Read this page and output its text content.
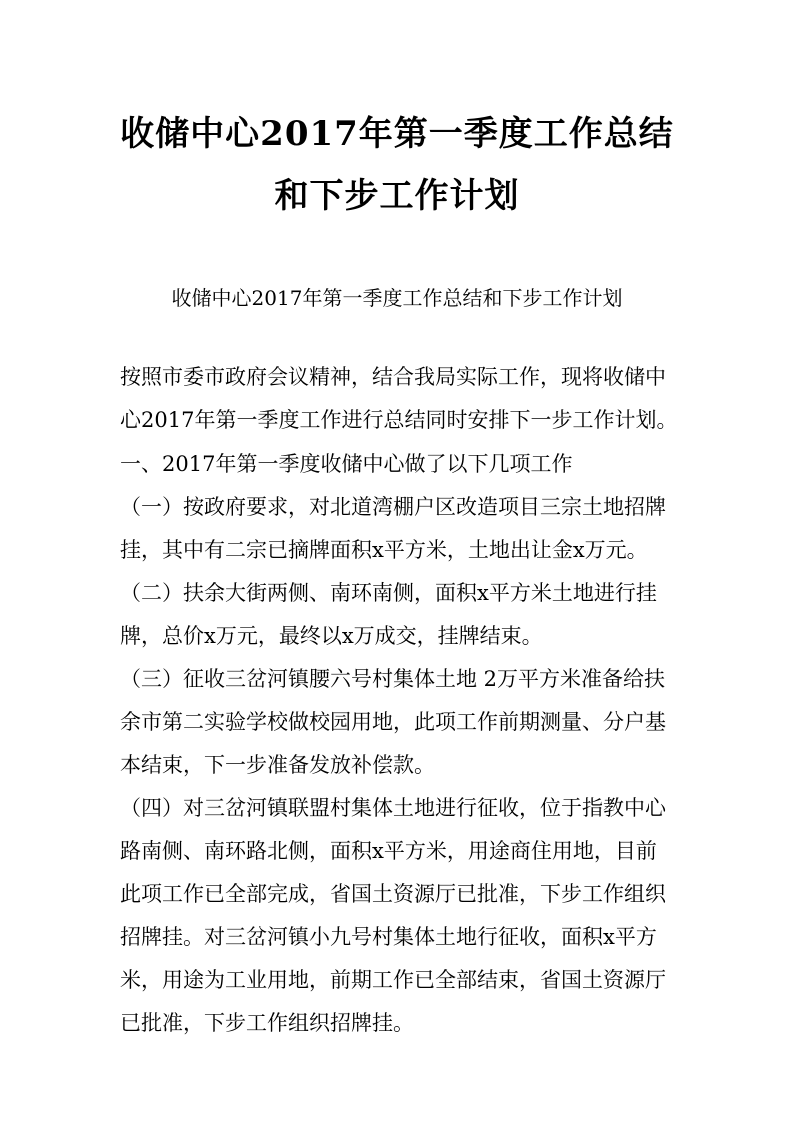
收储中心2017年第一季度工作总结
和下步工作计划
收储中心2017年第一季度工作总结和下步工作计划
按照市委市政府会议精神，结合我局实际工作，现将收储中
心2017年第一季度工作进行总结同时安排下一步工作计划。
一、2017年第一季度收储中心做了以下几项工作
（一）按政府要求，对北道湾棚户区改造项目三宗土地招牌
挂，其中有二宗已摘牌面积x平方米，土地出让金x万元。
（二）扶余大街两侧、南环南侧，面积x平方米土地进行挂
牌，总价x万元，最终以x万成交，挂牌结束。
（三）征收三岔河镇腰六号村集体土地 2万平方米准备给扶
余市第二实验学校做校园用地，此项工作前期测量、分户基
本结束，下一步准备发放补偿款。
（四）对三岔河镇联盟村集体土地进行征收，位于指教中心
路南侧、南环路北侧，面积x平方米，用途商住用地，目前
此项工作已全部完成，省国土资源厅已批准，下步工作组织
招牌挂。对三岔河镇小九号村集体土地行征收，面积x平方
米，用途为工业用地，前期工作已全部结束，省国土资源厅
已批准，下步工作组织招牌挂。
